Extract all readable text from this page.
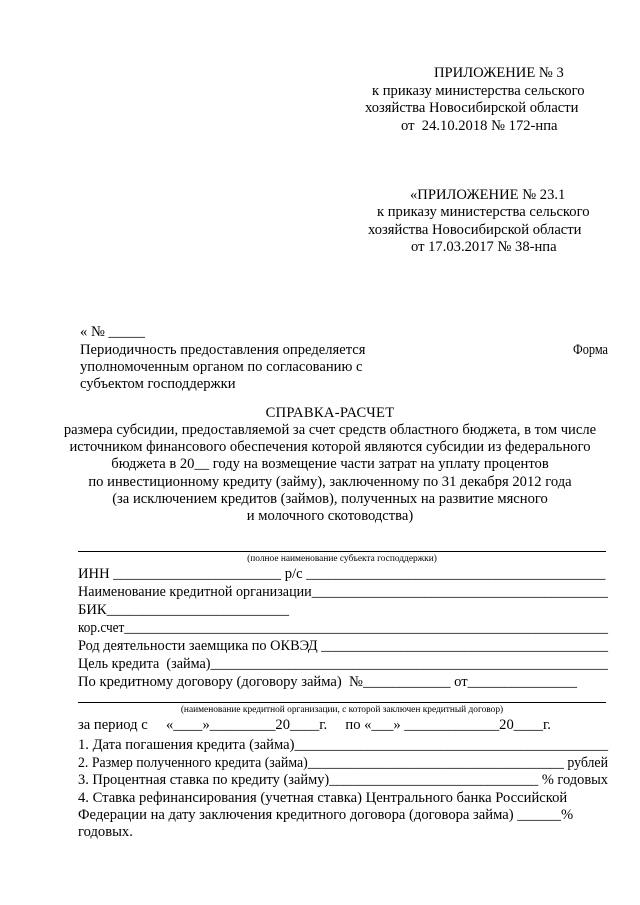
ПРИЛОЖЕНИЕ № 3
к приказу министерства сельского
хозяйства Новосибирской области
от  24.10.2018 № 172-нпа
«ПРИЛОЖЕНИЕ № 23.1
к приказу министерства сельского
хозяйства Новосибирской области
от 17.03.2017 № 38-нпа
« № _____
Периодичность предоставления определяется
уполномоченным органом по согласованию с
субъектом господдержки
Форма
СПРАВКА-РАСЧЕТ
размера субсидии, предоставляемой за счет средств областного бюджета, в том числе
источником финансового обеспечения которой являются субсидии из федерального
бюджета в 20__ году на возмещение части затрат на уплату процентов
по инвестиционному кредиту (займу), заключенному по 31 декабря 2012 года
(за исключением кредитов (займов), полученных на развитие мясного
и молочного скотоводства)
(полное наименование субъекта господдержки)
ИНН _______________________ р/с _________________________________________
Наименование кредитной организации__________________________________________
БИК_________________________
кор.счет_________________________________________________________________________
Род деятельности заемщика по ОКВЭД ________________________________________
Цель кредита  (займа)________________________________________________________
По кредитному договору (договору займа)  №____________ от_______________
(наименование кредитной организации, с которой заключен кредитный договор)
за период с     «____»_________20____г.     по «___» _____________20____г.
1. Дата погашения кредита (займа)___________________________________________
2. Размер полученного кредита (займа)_____________________________________ рублей
3. Процентная ставка по кредиту (займу)_____________________________ % годовых
4. Ставка рефинансирования (учетная ставка) Центрального банка Российской
Федерации на дату заключения кредитного договора (договора займа) ______%
годовых.
